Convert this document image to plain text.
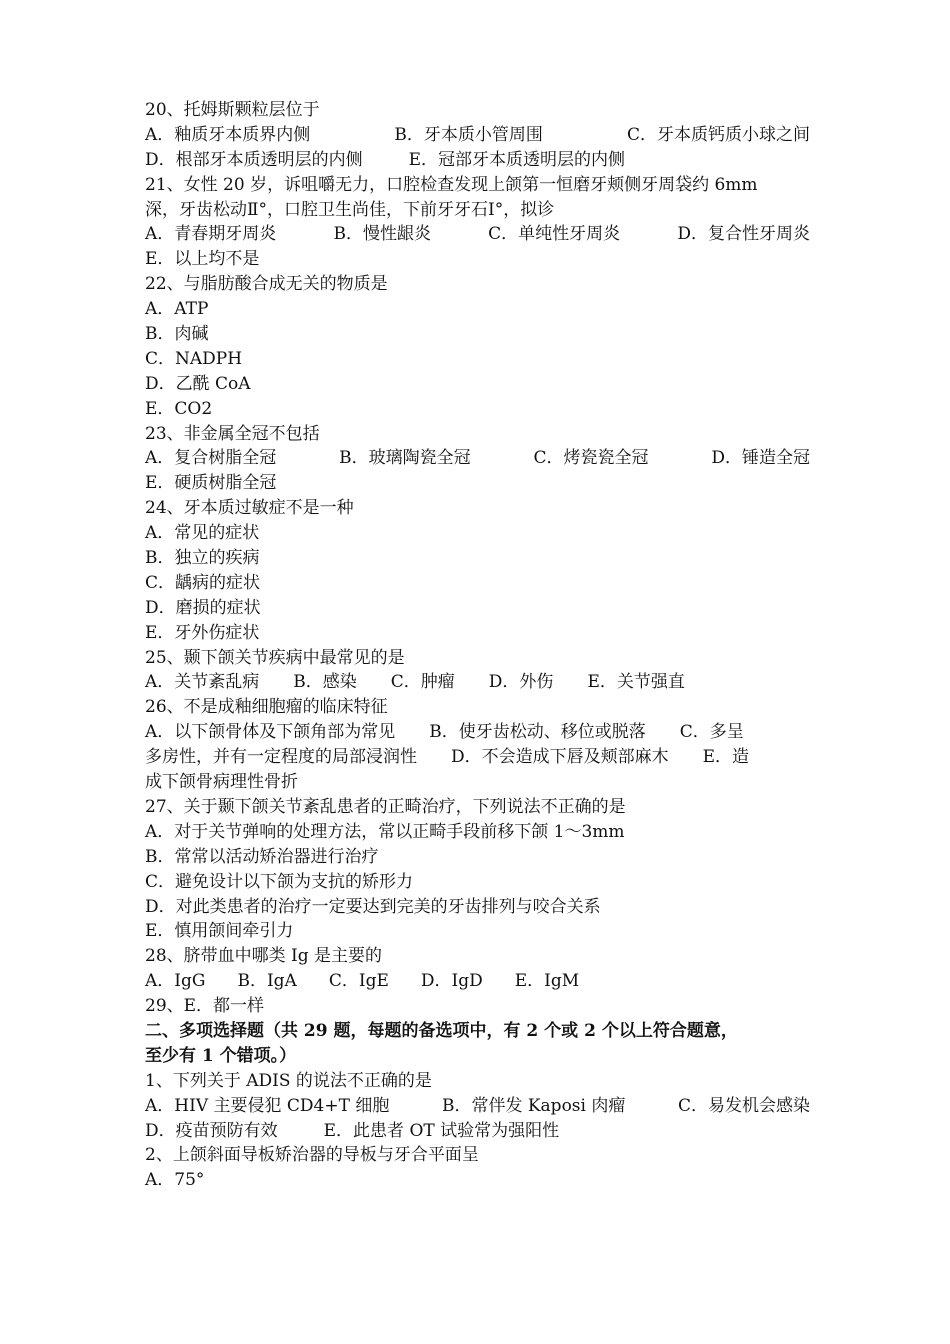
20、托姆斯颗粒层位于
A．釉质牙本质界内侧	B．牙本质小管周围	C．牙本质钙质小球之间
D．根部牙本质透明层的内侧	E．冠部牙本质透明层的内侧
21、女性 20 岁，诉咀嚼无力，口腔检查发现上颌第一恒磨牙颊侧牙周袋约 6mm
深，牙齿松动Ⅱ°，口腔卫生尚佳，下前牙牙石Ⅰ°，拟诊
A．青春期牙周炎	B．慢性龈炎	C．单纯性牙周炎	D．复合性牙周炎
E．以上均不是
22、与脂肪酸合成无关的物质是
A．ATP
B．肉碱
C．NADPH
D．乙酰 CoA
E．CO2
23、非金属全冠不包括
A．复合树脂全冠	B．玻璃陶瓷全冠	C．烤瓷瓷全冠	D．锤造全冠
E．硬质树脂全冠
24、牙本质过敏症不是一种
A．常见的症状
B．独立的疾病
C．龋病的症状
D．磨损的症状
E．牙外伤症状
25、颞下颌关节疾病中最常见的是
A．关节紊乱病 B．感染 C．肿瘤 D．外伤 E．关节强直
26、不是成釉细胞瘤的临床特征
A．以下颌骨体及下颌角部为常见　　B．使牙齿松动、移位或脱落　　C．多呈
多房性，并有一定程度的局部浸润性　　D．不会造成下唇及颊部麻木　　E．造
成下颌骨病理性骨折
27、关于颞下颌关节紊乱患者的正畸治疗，下列说法不正确的是
A．对于关节弹响的处理方法，常以正畸手段前移下颌 1～3mm
B．常常以活动矫治器进行治疗
C．避免设计以下颌为支抗的矫形力
D．对此类患者的治疗一定要达到完美的牙齿排列与咬合关系
E．慎用颌间牵引力
28、脐带血中哪类 Ig 是主要的
A．IgG B．IgA C．IgE D．IgD E．IgM
29、E．都一样
二、多项选择题（共 29 题，每题的备选项中，有 2 个或 2 个以上符合题意，
至少有 1 个错项。）
1、下列关于 ADIS 的说法不正确的是
A．HIV 主要侵犯 CD4+T 细胞	B．常伴发 Kaposi 肉瘤	C．易发机会感染
D．疫苗预防有效	E．此患者 OT 试验常为强阳性
2、上颌斜面导板矫治器的导板与牙合平面呈
A．75°
